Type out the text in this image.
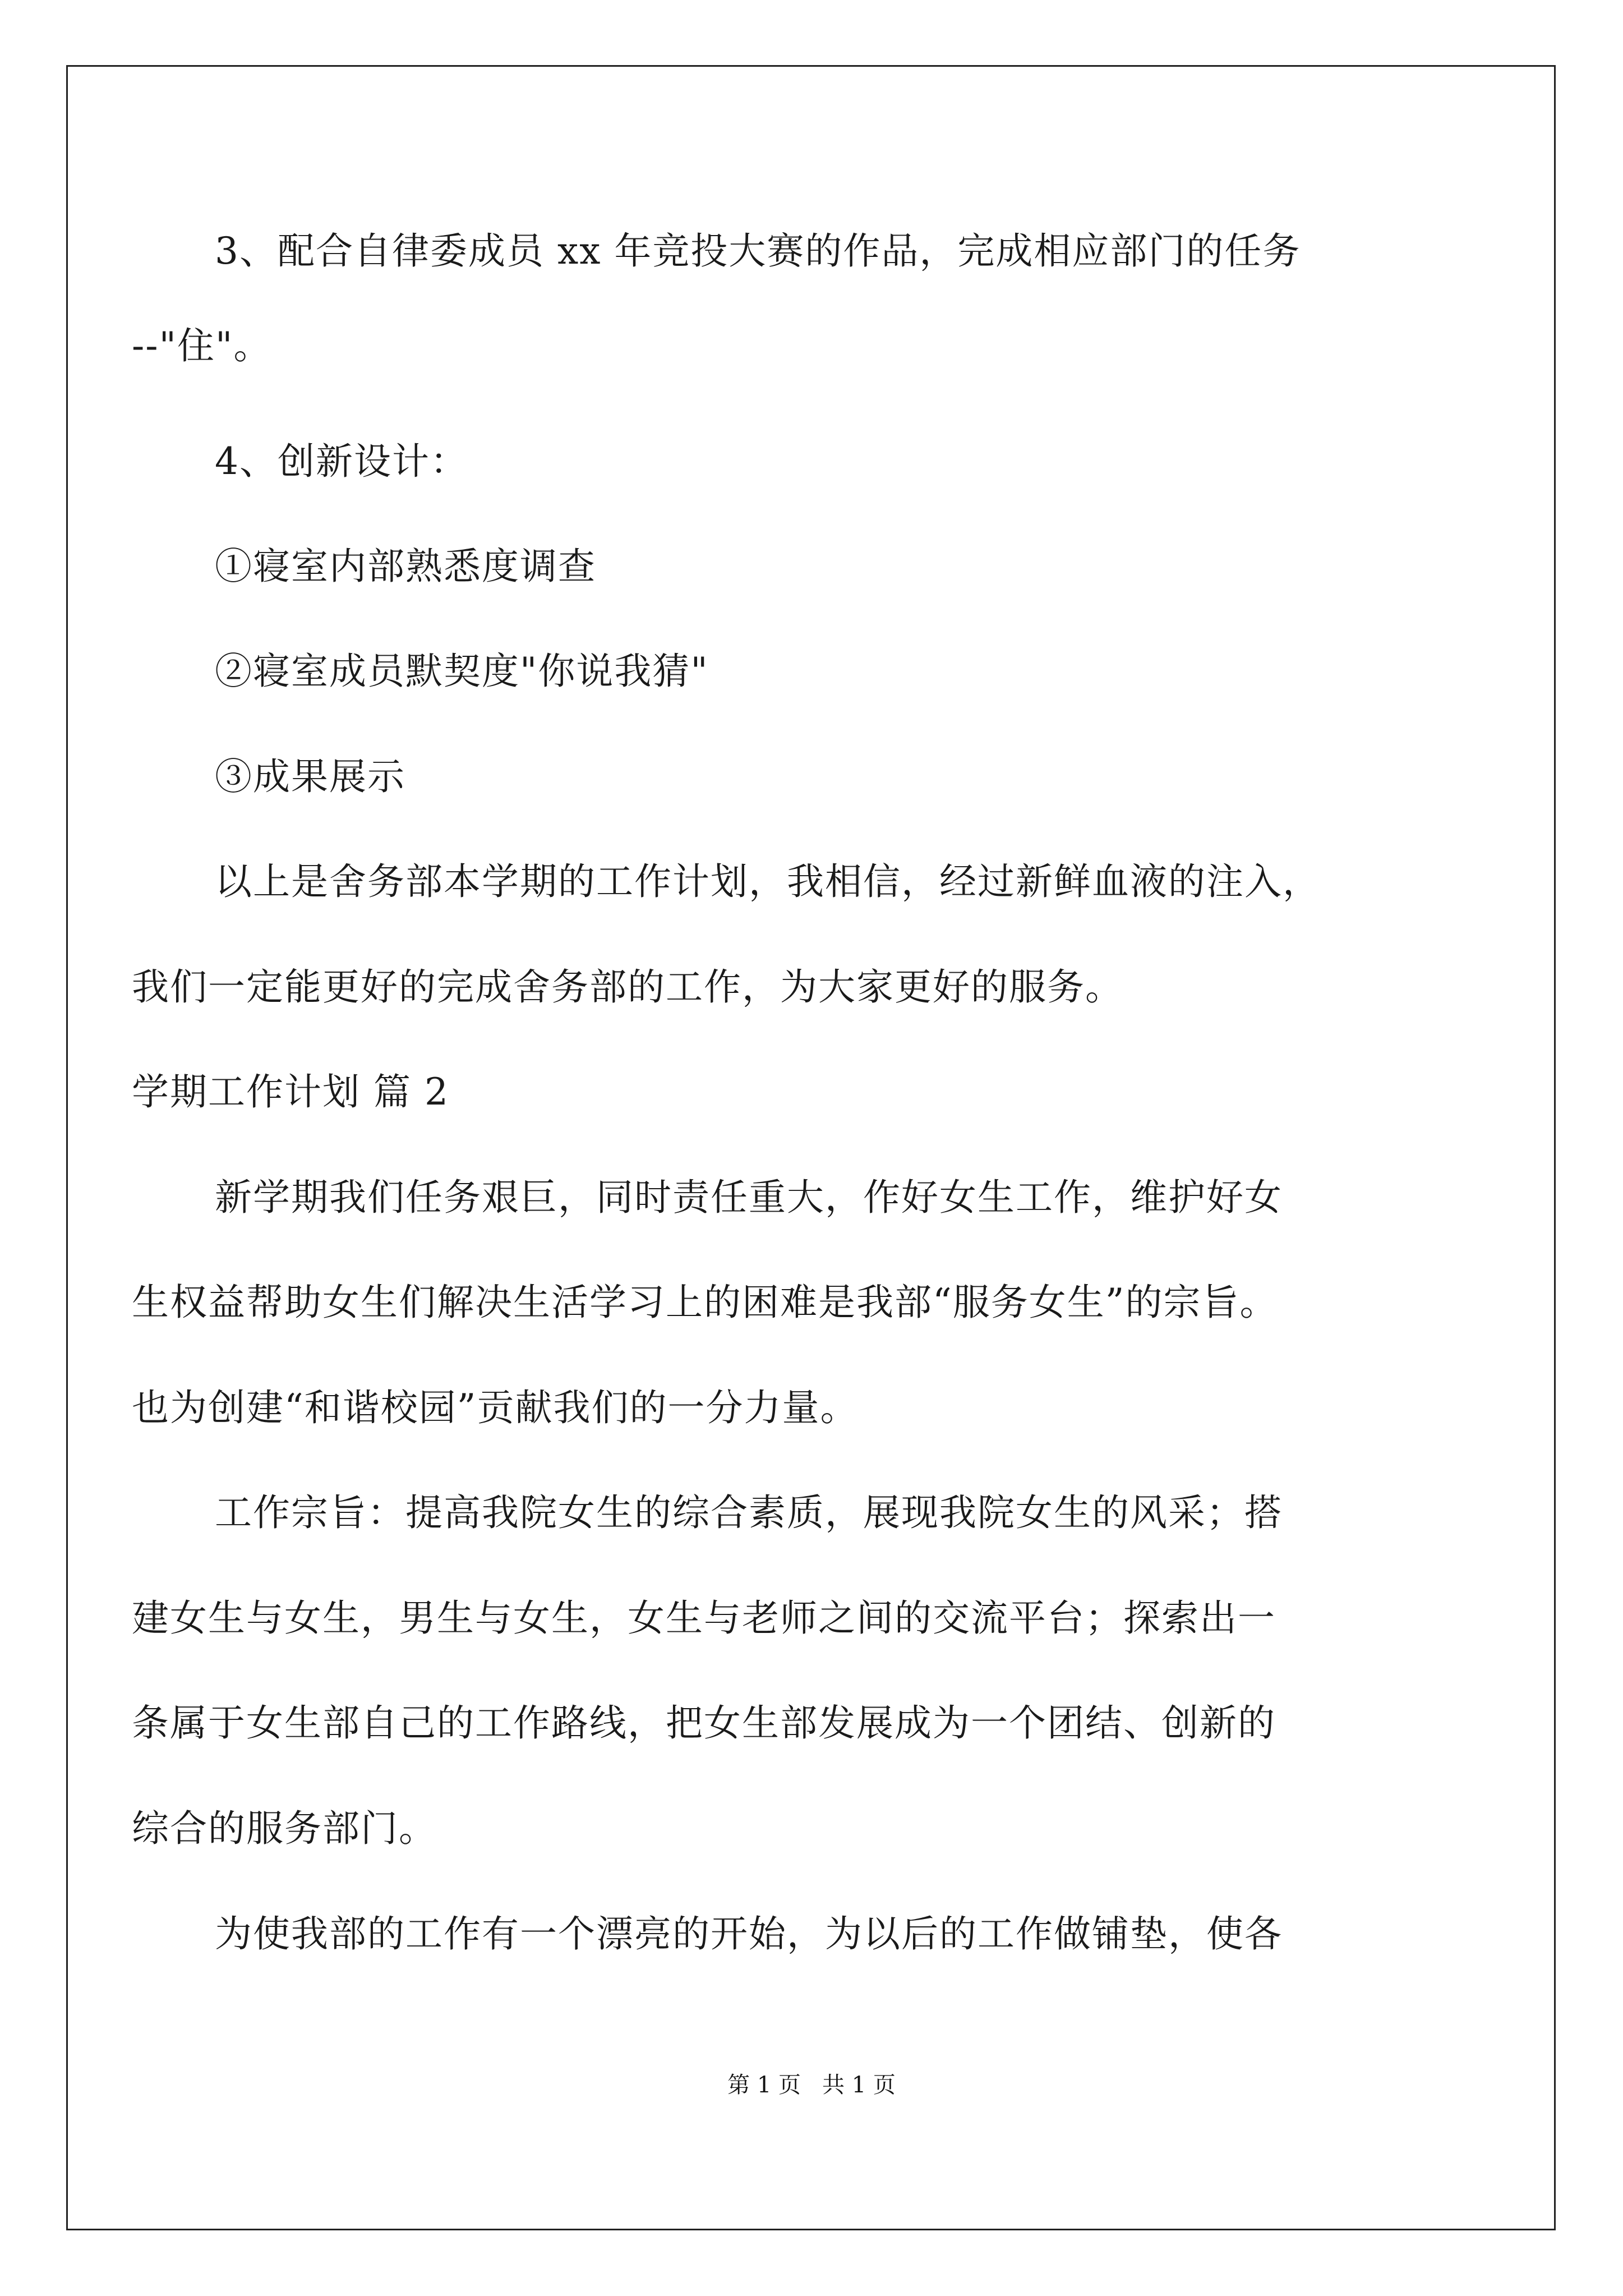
3、配合自律委成员 xx 年竞投大赛的作品，完成相应部门的任务
--"住"。
4、创新设计：
①寝室内部熟悉度调查
②寝室成员默契度"你说我猜"
③成果展示
以上是舍务部本学期的工作计划，我相信，经过新鲜血液的注入，
我们一定能更好的完成舍务部的工作，为大家更好的服务。
学期工作计划 篇 2
新学期我们任务艰巨，同时责任重大，作好女生工作，维护好女
生权益帮助女生们解决生活学习上的困难是我部“服务女生”的宗旨。
也为创建“和谐校园”贡献我们的一分力量。
工作宗旨：提高我院女生的综合素质，展现我院女生的风采；搭
建女生与女生，男生与女生，女生与老师之间的交流平台；探索出一
条属于女生部自己的工作路线，把女生部发展成为一个团结、创新的
综合的服务部门。
为使我部的工作有一个漂亮的开始，为以后的工作做铺垫，使各
第 1 页 共 1 页
